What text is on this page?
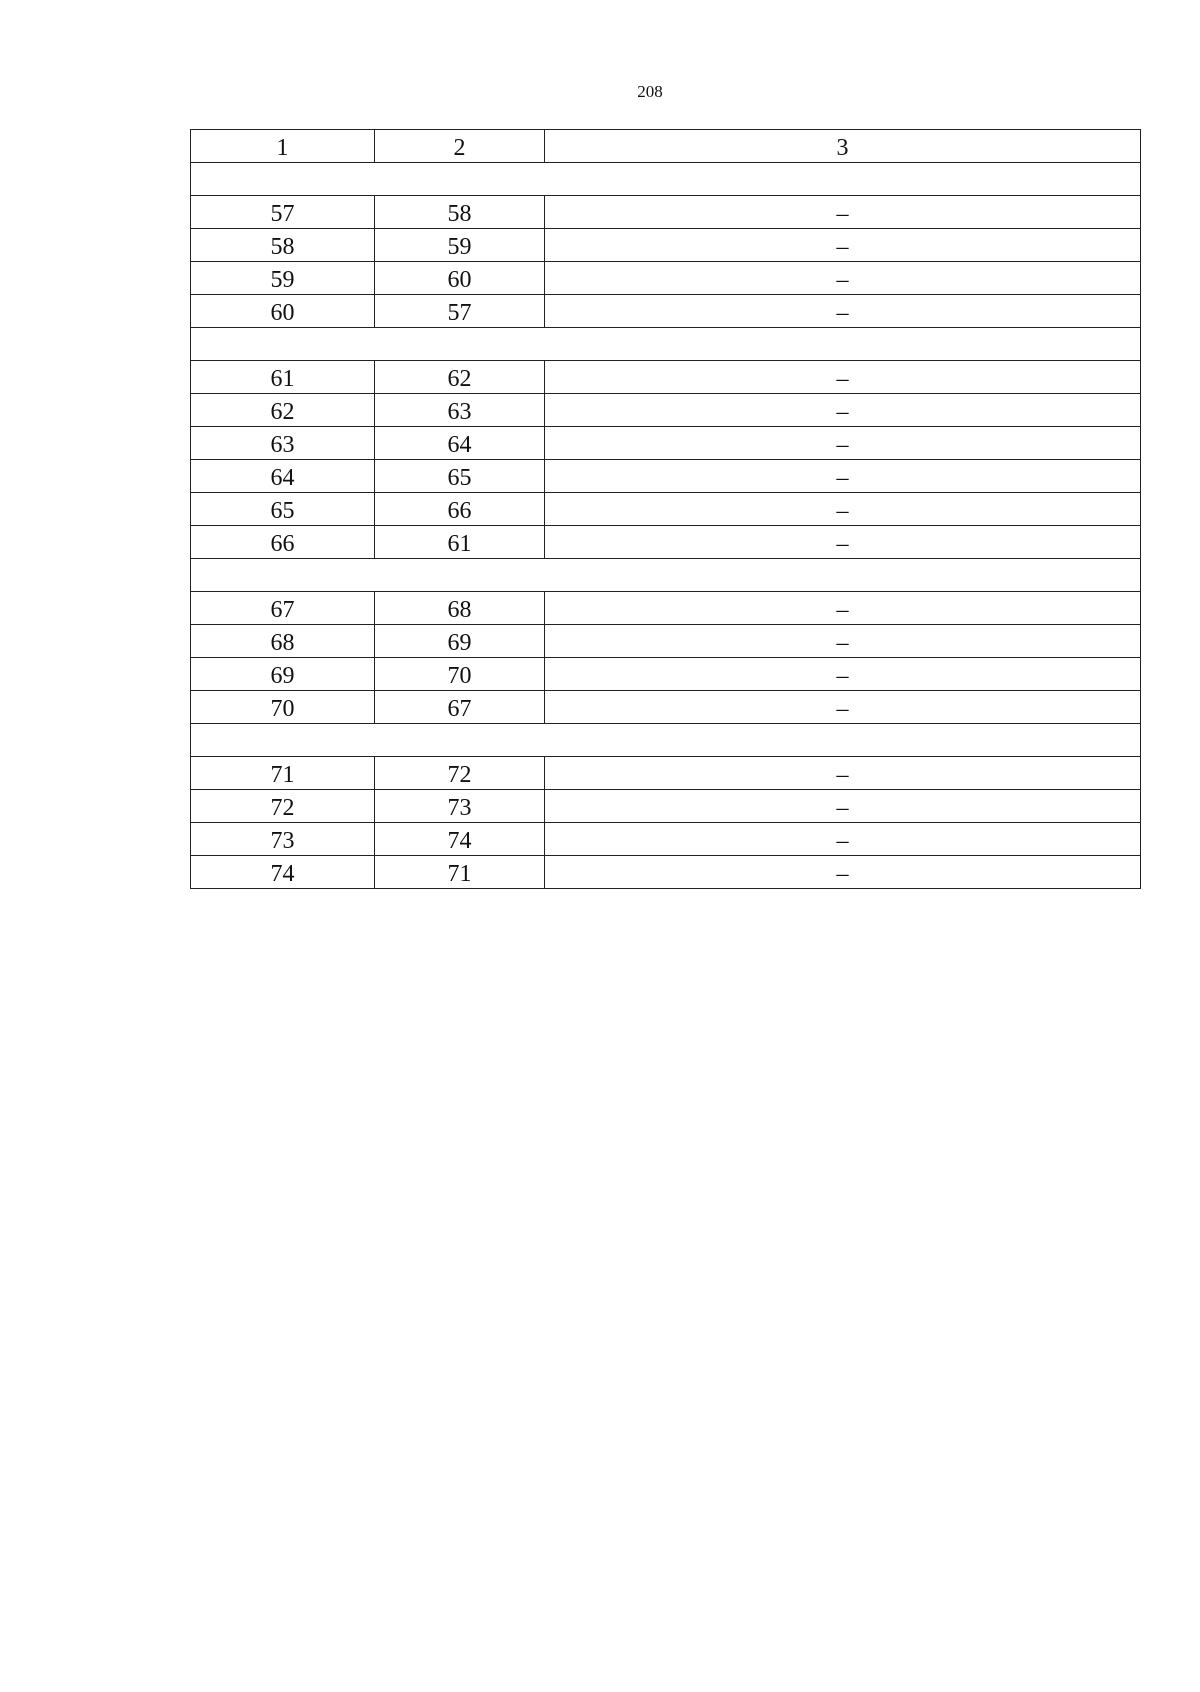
208
1	2	3

57	58	–
58	59	–
59	60	–
60	57	–

61	62	–
62	63	–
63	64	–
64	65	–
65	66	–
66	61	–

67	68	–
68	69	–
69	70	–
70	67	–

71	72	–
72	73	–
73	74	–
74	71	–
